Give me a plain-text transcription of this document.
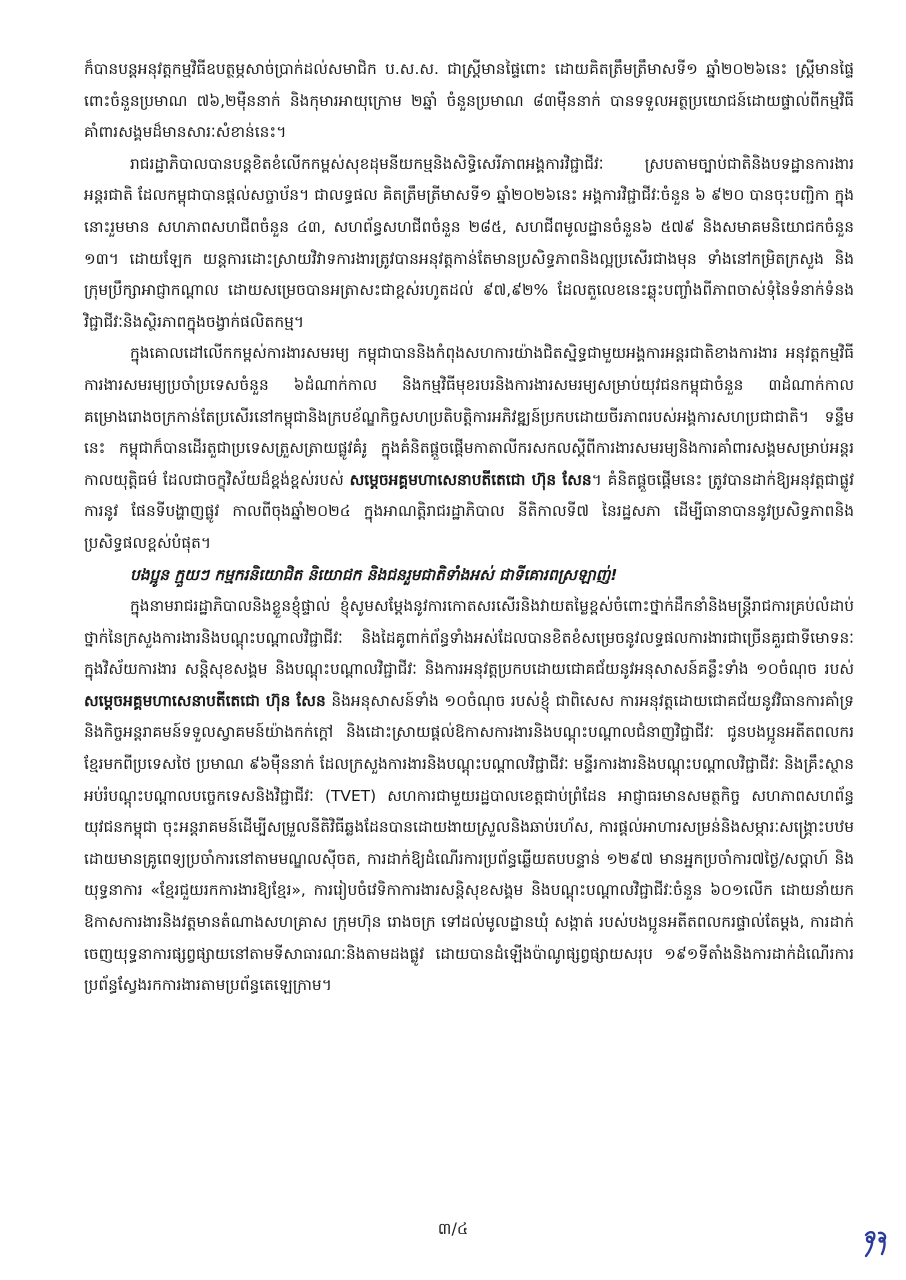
ក៏បានបន្តអនុវត្តកម្មវិធីឧបត្ថម្ភសាច់ប្រាក់ដល់សមាជិក ប.ស.ស. ជាស្ត្រីមានផ្ទៃពោះ ដោយគិតត្រឹមត្រឹមាសទី១ ឆ្នាំ២០២៦នេះ ស្ត្រីមានផ្ទៃពោះចំនួនប្រមាណ ៧៦,២ម៉ឺននាក់ និងកុមារអាយុក្រោម ២ឆ្នាំ ចំនួនប្រមាណ ៨៣ម៉ឺននាក់ បានទទួលអត្ថប្រយោជន៍ដោយផ្ទាល់ពីកម្មវិធីគាំពារសង្គមដ៏មានសារៈសំខាន់នេះ។

រាជរដ្ឋាភិបាលបានបន្តខិតខំលើកកម្ពស់សុខដុមនីយកម្មនិងសិទ្ធិសេរីភាពអង្គការវិជ្ជាជីវៈ ស្របតាមច្បាប់ជាតិនិងបទដ្ឋានការងារអន្តរជាតិ ដែលកម្ពុជាបានផ្តល់សច្ចាប័ន។ ជាលទ្ធផល គិតត្រឹមត្រីមាសទី១ ឆ្នាំ២០២៦នេះ អង្គការវិជ្ជាជីវៈចំនួន ៦ ៩២០ បានចុះបញ្ជិកា ក្នុងនោះរួមមាន សហភាពសហជីពចំនួន ៤៣, សហព័ន្ធសហជីពចំនួន ២៨៥, សហជីពមូលដ្ឋានចំនួន៦ ៥៧៩ និងសមាគមនិយោជកចំនួន ១៣។ ដោយឡែក យន្តការដោះស្រាយវិវាទការងារត្រូវបានអនុវត្តកាន់តែមានប្រសិទ្ធភាពនិងល្អប្រសើរជាងមុន ទាំងនៅកម្រិតក្រសួង និងក្រុមប្រឹក្សាអាជ្ញាកណ្ដាល ដោយសម្រេចបានអត្រាសះជាខ្ពស់រហូតដល់ ៩៧,៩២% ដែលតួលេខនេះឆ្លុះបញ្ចាំងពីភាពចាស់ទុំនៃទំនាក់ទំនងវិជ្ជាជីវៈនិងស្ថិរភាពក្នុងចង្វាក់ផលិតកម្ម។

ក្នុងគោលដៅលើកកម្ពស់ការងារសមរម្យ កម្ពុជាបាននិងកំពុងសហការយ៉ាងជិតស្និទ្ធជាមួយអង្គការអន្តរជាតិខាងការងារ អនុវត្តកម្មវិធីការងារសមរម្យប្រចាំប្រទេសចំនួន ៦ដំណាក់កាល និងកម្មវិធីមុខរបរនិងការងារសមរម្យសម្រាប់យុវជនកម្ពុជាចំនួន ៣ដំណាក់កាល គម្រោងរោងចក្រកាន់តែប្រសើរនៅកម្ពុជានិងក្របខ័ណ្ឌកិច្ចសហប្រតិបត្តិការអភិវឌ្ឍន៍ប្រកបដោយចីរភាពរបស់អង្គការសហប្រជាជាតិ។ ទន្ទឹមនេះ កម្ពុជាក៏បានដើរតួជាប្រទេសត្រួសត្រាយផ្លូវគំរូ ក្នុងគំនិតផ្តួចផ្តើមកាតាលីករសកលស្តីពីការងារសមរម្យនិងការគាំពារសង្គមសម្រាប់អន្តរកាលយុត្តិធម៌ ដែលជាចក្ខុវិស័យដ៏ខ្ពង់ខ្ពស់របស់ សម្តេចអគ្គមហាសេនាបតីតេជោ ហ៊ុន សែន។ គំនិតផ្តួចផ្តើមនេះ ត្រូវបានដាក់ឱ្យអនុវត្តជាផ្លូវការនូវ ផែនទីបង្ហាញផ្លូវ កាលពីចុងឆ្នាំ២០២៤ ក្នុងអាណត្តិរាជរដ្ឋាភិបាល នីតិកាលទី៧ នៃរដ្ឋសភា ដើម្បីធានាបាននូវប្រសិទ្ធភាពនិងប្រសិទ្ធផលខ្ពស់បំផុត។

បងប្អូន ក្មួយៗ កម្មករនិយោជិត និយោជក និងជនរួមជាតិទាំងអស់ ជាទីគោរពស្រឡាញ់!

ក្នុងនាមរាជរដ្ឋាភិបាលនិងខ្លួនខ្ញុំផ្ទាល់ ខ្ញុំសូមសម្តែងនូវការកោតសរសើរនិងវាយតម្លៃខ្ពស់ចំពោះថ្នាក់ដឹកនាំនិងមន្ត្រីរាជការគ្រប់លំដាប់ថ្នាក់នៃក្រសួងការងារនិងបណ្តុះបណ្តាលវិជ្ជាជីវៈ និងដៃគូពាក់ព័ន្ធទាំងអស់ដែលបានខិតខំសម្រេចនូវលទ្ធផលការងារជាច្រើនគួរជាទីមោទនៈក្នុងវិស័យការងារ សន្តិសុខសង្គម និងបណ្តុះបណ្តាលវិជ្ជាជីវៈ និងការអនុវត្តប្រកបដោយជោគជ័យនូវអនុសាសន៍គន្លឹះទាំង ១០ចំណុច របស់ សម្តេចអគ្គមហាសេនាបតីតេជោ ហ៊ុន សែន និងអនុសាសន៍ទាំង ១០ចំណុច របស់ខ្ញុំ ជាពិសេស ការអនុវត្តដោយជោគជ័យនូវវិធានការគាំទ្រនិងកិច្ចអន្តរាគមន៍ទទួលស្វាគមន៍យ៉ាងកក់ក្តៅ និងដោះស្រាយផ្តល់ឱកាសការងារនិងបណ្តុះបណ្តាលជំនាញវិជ្ជាជីវៈ ជូនបងប្អូនអតីតពលករខ្មែរមកពីប្រទេសថៃ ប្រមាណ ៩៦ម៉ឺននាក់ ដែលក្រសួងការងារនិងបណ្តុះបណ្តាលវិជ្ជាជីវៈ មន្ទីរការងារនិងបណ្តុះបណ្តាលវិជ្ជាជីវៈ និងគ្រឹះស្ថានអប់រំបណ្តុះបណ្តាលបច្ចេកទេសនិងវិជ្ជាជីវៈ (TVET) សហការជាមួយរដ្ឋបាលខេត្តជាប់ព្រំដែន អាជ្ញាធរមានសមត្ថកិច្ច សហភាពសហព័ន្ធយុវជនកម្ពុជា ចុះអន្តរាគមន៍ដើម្បីសម្រួលនីតិវិធីឆ្លងដែនបានដោយងាយស្រួលនិងឆាប់រហ័ស, ការផ្តល់អាហារសម្រន់និងសម្ភារៈសង្គ្រោះបឋមដោយមានគ្រូពេទ្យប្រចាំការនៅតាមមណ្ឌលស៊ីចត, ការដាក់ឱ្យដំណើរការប្រព័ន្ធឆ្លើយតបបន្ទាន់ ១២៩៧ មានអ្នកប្រចាំការ៧ថ្ងៃ/សប្តាហ៍ និងយុទ្ធនាការ «ខ្មែរជួយរកការងារឱ្យខ្មែរ», ការរៀបចំវេទិកាការងារសន្តិសុខសង្គម និងបណ្តុះបណ្តាលវិជ្ជាជីវៈចំនួន ៦០១លើក ដោយនាំយកឱកាសការងារនិងវត្តមានតំណាងសហគ្រាស ក្រុមហ៊ុន រោងចក្រ ទៅដល់មូលដ្ឋានឃុំ សង្កាត់ របស់បងប្អូនអតីតពលករផ្ទាល់តែម្តង, ការដាក់ចេញយុទ្ធនាការផ្សព្វផ្សាយនៅតាមទីសាធារណៈនិងតាមដងផ្លូវ ដោយបានដំឡើងប៉ាណូផ្សព្វផ្សាយសរុប ១៩១ទីតាំងនិងការដាក់ដំណើរការប្រព័ន្ធស្វែងរកការងារតាមប្រព័ន្ធតេឡេក្រាម។

៣/៤
